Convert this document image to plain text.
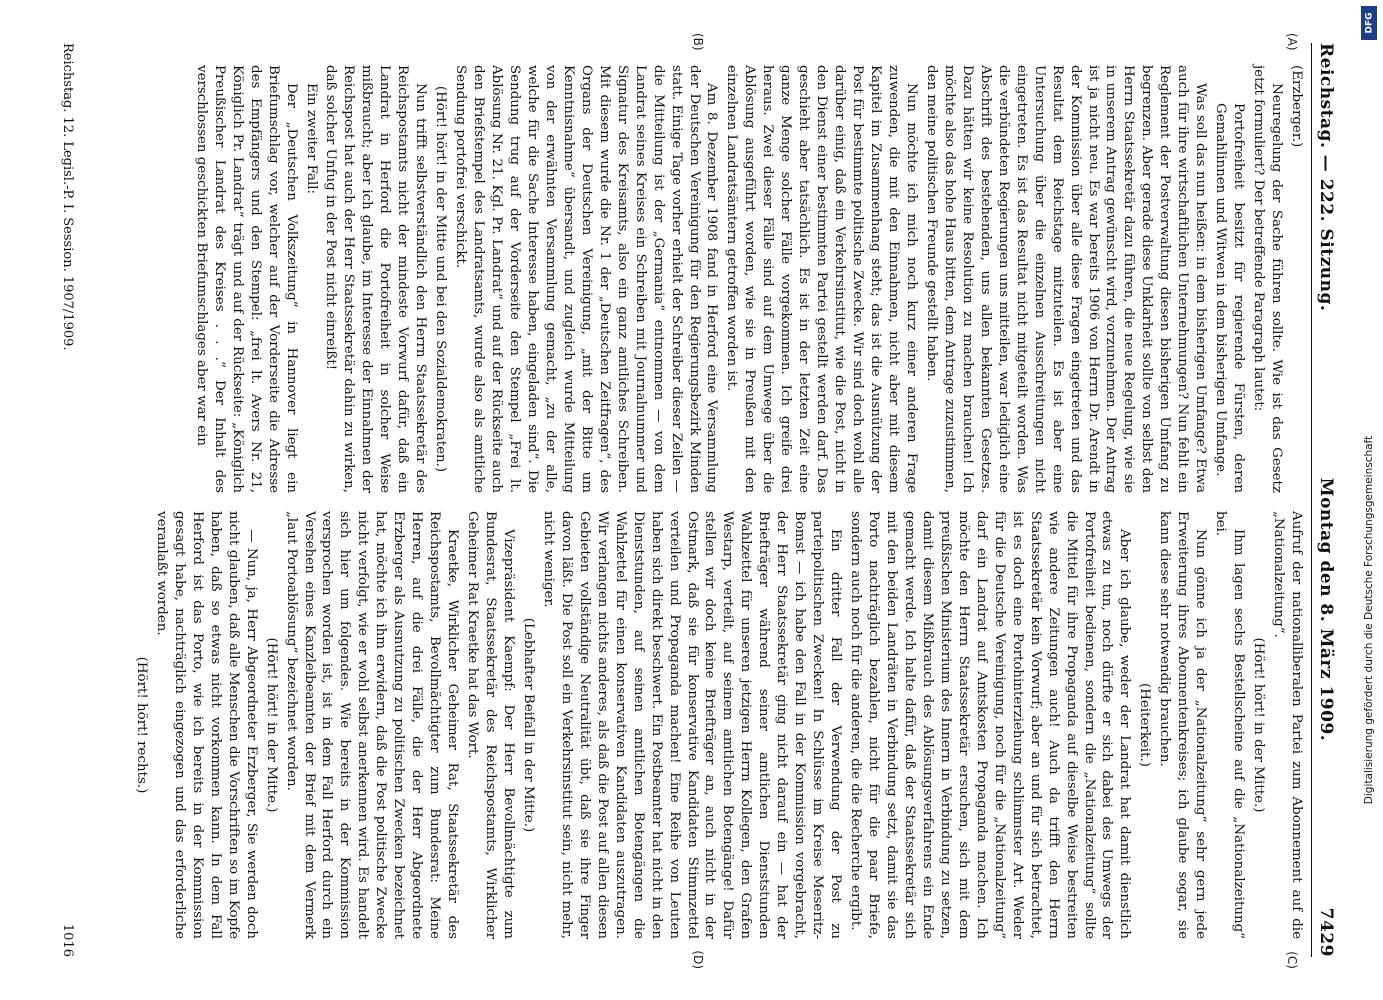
Reichstag. — 222. Sitzung.
Montag den 8. März 1909.
7429
(A)
(B)
(C)
(D)

(Erzberger.)

Neuregelung der Sache führen sollte. Wie ist das Gesetz jetzt formuliert? Der betreffende Paragraph lautet:

Portofreiheit besitzt für regierende Fürsten, deren Gemahlinnen und Witwen in dem bisherigen Umfange.

Was soll das nun heißen: in dem bisherigen Umfange? Etwa auch für ihre wirtschaftlichen Unternehmungen? Nun fehlt ein Reglement der Postverwaltung diesen bisherigen Umfang zu begrenzen. Aber gerade diese Unklarheit sollte von selbst den Herrn Staatssekretär dazu führen, die neue Regelung, wie sie in unserem Antrag gewünscht wird, vorzunehmen. Der Antrag ist ja nicht neu. Es war bereits 1906 von Herrn Dr. Arendt in der Kommission über alle diese Fragen eingetreten und das Resultat dem Reichstage mitzuteilen. Es ist aber eine Untersuchung über die einzelnen Ausschreitungen nicht eingetreten. Es ist das Resultat nicht mitgeteilt worden. Was die verbündeten Regierungen uns mitteilen, war lediglich eine Abschrift des bestehenden, uns allen bekannten Gesetzes. Dazu hätten wir keine Resolution zu machen brauchen! Ich möchte also das hohe Haus bitten, dem Antrage zuzustimmen, den meine politischen Freunde gestellt haben.

Nun möchte ich mich noch kurz einer anderen Frage zuwenden, die mit den Einnahmen, nicht aber mit diesem Kapitel im Zusammenhang steht; das ist die Ausnützung der Post für bestimmte politische Zwecke. Wir sind doch wohl alle darüber einig, daß ein Verkehrsinstitut, wie die Post, nicht in den Dienst einer bestimmten Partei gestellt werden darf. Das geschieht aber tatsächlich. Es ist in der letzten Zeit eine ganze Menge solcher Fälle vorgekommen. Ich greife drei heraus. Zwei dieser Fälle sind auf dem Umwege über die Ablösung ausgeführt worden, wie sie in Preußen mit den einzelnen Landratsämtern getroffen worden ist.

Am 8. Dezember 1908 fand in Herford eine Versammlung der Deutschen Vereinigung für den Regierungsbezirk Minden statt. Einige Tage vorher erhielt der Schreiber dieser Zeilen — die Mitteilung ist der „Germania“ entnommen — von dem Landrat seines Kreises ein Schreiben mit Journalnummer und Signatur des Kreisamts, also ein ganz amtliches Schreiben. Mit diesem wurde die Nr. 1 der „Deutschen Zeitfragen“, des Organs der Deutschen Vereinigung, „mit der Bitte um Kenntnisnahme“ übersandt, und zugleich wurde Mitteilung von der erwähnten Versammlung gemacht, „zu der alle, welche für die Sache Interesse haben, eingeladen sind“. Die Sendung trug auf der Vorderseite den Stempel „Frei lt. Ablösung Nr. 21. Kgl. Pr. Landrat“ und auf der Rückseite auch den Briefstempel des Landratsamts, wurde also als amtliche Sendung portofrei verschickt.

(Hört! hört! in der Mitte und bei den Sozialdemokraten.)

Nun trifft selbstverständlich den Herrn Staatssekretär des Reichspostamts nicht der mindeste Vorwurf dafür, daß ein Landrat in Herford die Portofreiheit in solcher Weise mißbraucht; aber ich glaube, im Interesse der Einnahmen der Reichspost hat auch der Herr Staatssekretär dahin zu wirken, daß solcher Unfug in der Post nicht einreißt!

Ein zweiter Fall:

Der „Deutschen Volkszeitung“ in Hannover liegt ein Briefumschlag vor, welcher auf der Vorderseite die Adresse des Empfängers und den Stempel: „frei lt. Avers Nr. 21, Königlich Pr. Landrat“ trägt und auf der Rückseite: „Königlich Preußischer Landrat des Kreises . . .“ Der Inhalt des verschlossen geschickten Briefumschlages aber war ein

Aufruf der nationalliberalen Partei zum Abonnement auf die „Nationalzeitung“.

(Hört! hört! in der Mitte.)

Ihm lagen sechs Bestellscheine auf die „Nationalzeitung“ bei.

Nun gönne ich ja der „Nationalzeitung“ sehr gern jede Erweiterung ihres Abonnentenkreises; ich glaube sogar, sie kann diese sehr notwendig brauchen.

(Heiterkeit.)

Aber ich glaube, weder der Landrat hat damit dienstlich etwas zu tun, noch dürfte er sich dabei des Umwegs der Portofreiheit bedienen, sondern die „Nationalzeitung“ sollte die Mittel für ihre Propaganda auf dieselbe Weise bestreiten wie andere Zeitungen auch! Auch da trifft den Herrn Staatssekretär kein Vorwurf; aber an und für sich betrachtet, ist es doch eine Portohinterziehung schlimmster Art. Weder für die Deutsche Vereinigung, noch für die „Nationalzeitung“ darf ein Landrat auf Amtskosten Propaganda machen. Ich möchte den Herrn Staatssekretär ersuchen, sich mit dem preußischen Ministerium des Innern in Verbindung zu setzen, damit diesem Mißbrauch des Ablösungsverfahrens ein Ende gemacht werde. Ich halte dafür, daß der Staatssekretär sich mit den beiden Landräten in Verbindung setzt, damit sie das Porto nachträglich bezahlen, nicht für die paar Briefe, sondern auch noch für die anderen, die die Recherche ergibt.

Ein dritter Fall der Verwendung der Post zu parteipolitischen Zwecken! In Schlüsse im Kreise Meseritz-Bomst — ich habe den Fall in der Kommission vorgebracht, der Herr Staatssekretär ging nicht darauf ein — hat der Briefträger während seiner amtlichen Dienststunden Wahlzettel für unseren jetzigen Herrn Kollegen, den Grafen Westarp, verteilt, auf seinem amtlichen Botengänge! Dafür stellen wir doch keine Briefträger an, auch nicht in der Ostmark, daß sie für konservative Kandidaten Stimmzettel verteilen und Propaganda machen! Eine Reihe von Leuten haben sich direkt beschwert. Ein Postbeamter hat nicht in den Dienststunden, auf seinen amtlichen Botengängen die Wahlzettel für einen konservativen Kandidaten auszutragen. Wir verlangen nichts anderes, als daß die Post auf allen diesen Gebieten vollständige Neutralität übt, daß sie ihre Finger davon läßt. Die Post soll ein Verkehrsinstitut sein, nicht mehr, nicht weniger.

(Lebhafter Beifall in der Mitte.)

Vizepräsident Kaempf: Der Herr Bevollmächtigte zum Bundesrat, Staatssekretär des Reichspostamts, Wirklicher Geheimer Rat Kraetke hat das Wort.

Kraetke, Wirklicher Geheimer Rat, Staatssekretär des Reichspostamts, Bevollmächtigter zum Bundesrat: Meine Herren, auf die drei Fälle, die der Herr Abgeordnete Erzberger als Ausnutzung zu politischen Zwecken bezeichnet hat, möchte ich ihm erwidern, daß die Post politische Zwecke nicht verfolgt, wie er wohl selbst anerkennen wird. Es handelt sich hier um folgendes. Wie bereits in der Kommission versprochen worden ist, ist in dem Fall Herford durch ein Versehen eines Kanzleibeamten der Brief mit dem Vermerk „laut Portoablösung“ bezeichnet worden.

(Hört! hört! in der Mitte.)

— Nun, ja, Herr Abgeordneter Erzberger, Sie werden doch nicht glauben, daß alle Menschen die Vorschriften so im Kopfe haben, daß so etwas nicht vorkommen kann. In dem Fall Herford ist das Porto, wie ich bereits in der Kommission gesagt habe, nachträglich eingezogen und das erforderliche veranlaßt worden.

(Hört! hört! rechts.)

Reichstag. 12. Legisl.-P. I. Session. 1907/1909.
1016
DFG
Digitalisierung gefördert durch die Deutsche Forschungsgemeinschaft
